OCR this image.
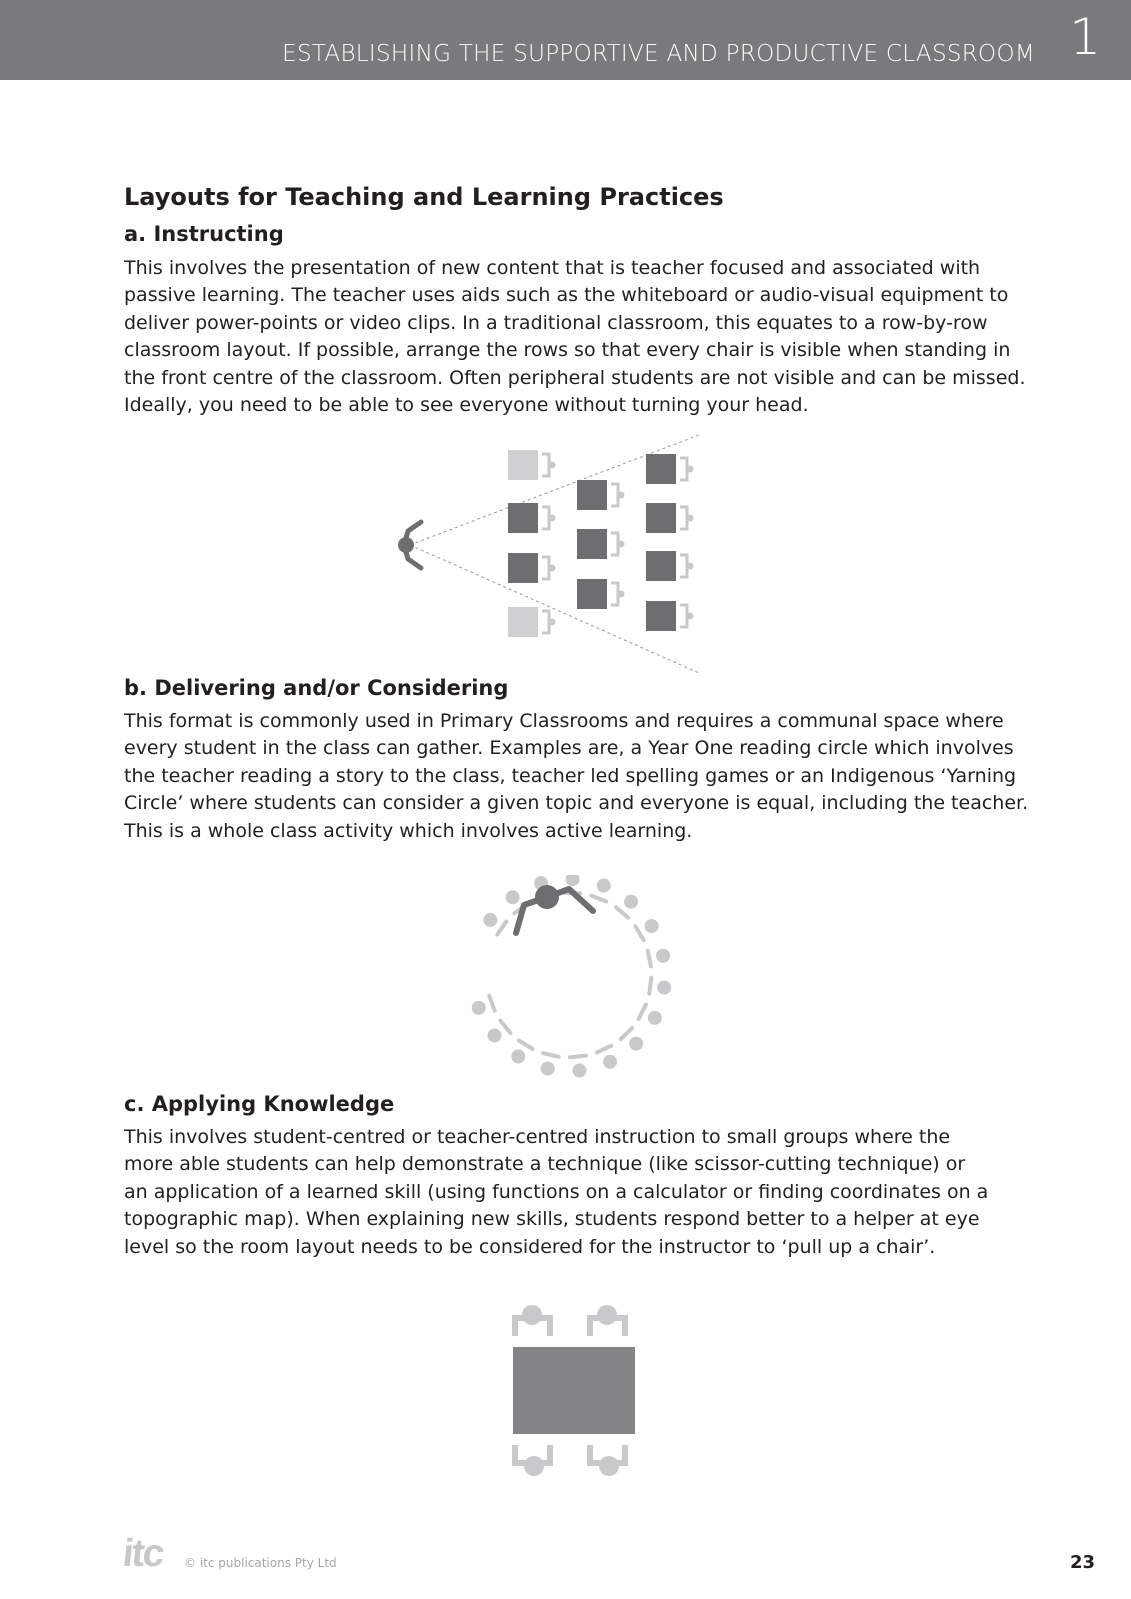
ESTABLISHING THE SUPPORTIVE AND PRODUCTIVE CLASSROOM 1
Layouts for Teaching and Learning Practices
a. Instructing
This involves the presentation of new content that is teacher focused and associated with
passive learning. The teacher uses aids such as the whiteboard or audio-visual equipment to
deliver power-points or video clips. In a traditional classroom, this equates to a row-by-row
classroom layout. If possible, arrange the rows so that every chair is visible when standing in
the front centre of the classroom. Often peripheral students are not visible and can be missed.
Ideally, you need to be able to see everyone without turning your head.
b. Delivering and/or Considering
This format is commonly used in Primary Classrooms and requires a communal space where
every student in the class can gather. Examples are, a Year One reading circle which involves
the teacher reading a story to the class, teacher led spelling games or an Indigenous ‘Yarning
Circle’ where students can consider a given topic and everyone is equal, including the teacher.
This is a whole class activity which involves active learning.
c. Applying Knowledge
This involves student-centred or teacher-centred instruction to small groups where the
more able students can help demonstrate a technique (like scissor-cutting technique) or
an application of a learned skill (using functions on a calculator or finding coordinates on a
topographic map). When explaining new skills, students respond better to a helper at eye
level so the room layout needs to be considered for the instructor to ‘pull up a chair’.
itc © itc publications Pty Ltd	23
